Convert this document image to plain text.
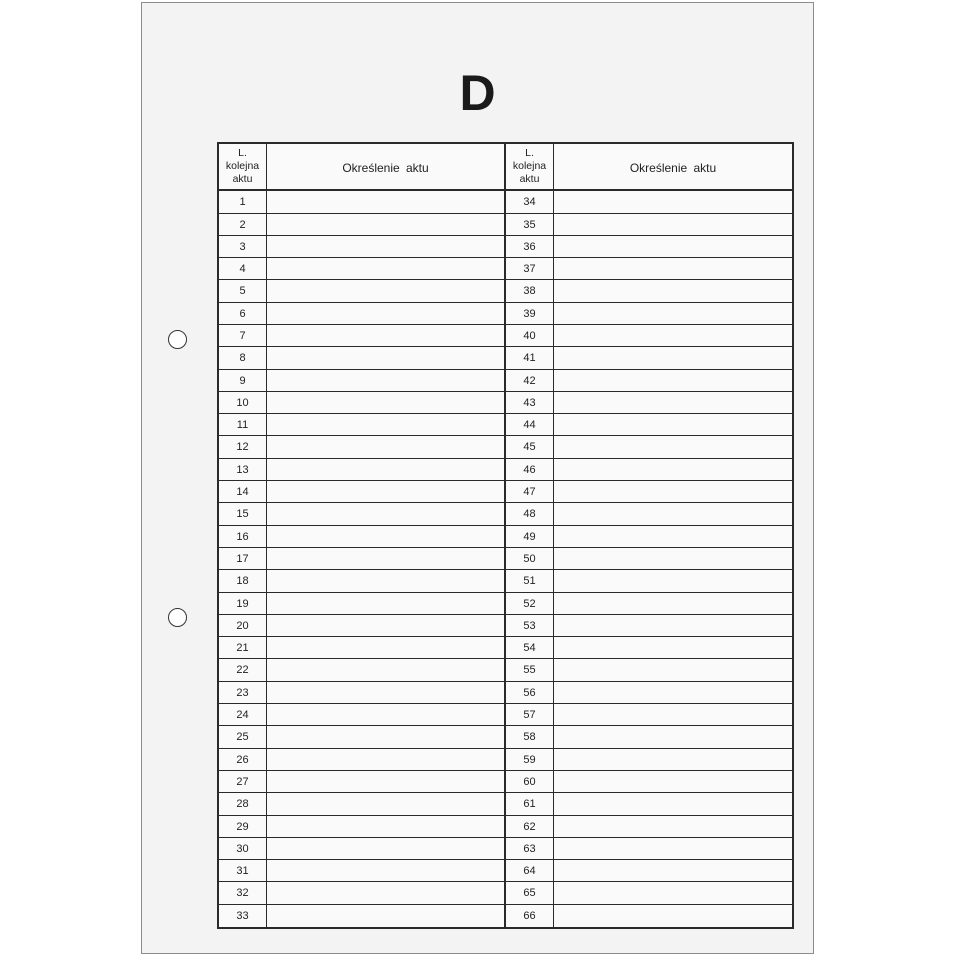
D
L.
kolejna
aktu
Określenie aktu
1
2
3
4
5
6
7
8
9
10
11
12
13
14
15
16
17
18
19
20
21
22
23
24
25
26
27
28
29
30
31
32
33
L.
kolejna
aktu
Określenie aktu
34
35
36
37
38
39
40
41
42
43
44
45
46
47
48
49
50
51
52
53
54
55
56
57
58
59
60
61
62
63
64
65
66
